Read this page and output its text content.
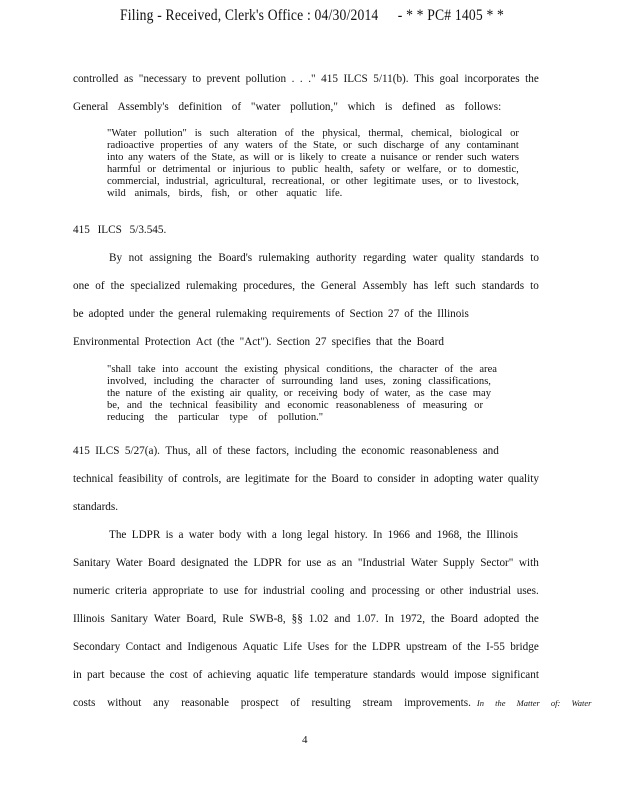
Filing - Received, Clerk's Office : 04/30/2014 - * * PC# 1405 * *
controlled as "necessary to prevent pollution . . ." 415 ILCS 5/11(b). This goal incorporates the
General Assembly's definition of "water pollution," which is defined as follows:
"Water pollution" is such alteration of the physical, thermal, chemical, biological or
radioactive properties of any waters of the State, or such discharge of any contaminant
into any waters of the State, as will or is likely to create a nuisance or render such waters
harmful or detrimental or injurious to public health, safety or welfare, or to domestic,
commercial, industrial, agricultural, recreational, or other legitimate uses, or to livestock,
wild animals, birds, fish, or other aquatic life.
415 ILCS 5/3.545.
By not assigning the Board's rulemaking authority regarding water quality standards to
one of the specialized rulemaking procedures, the General Assembly has left such standards to
be adopted under the general rulemaking requirements of Section 27 of the Illinois
Environmental Protection Act (the "Act"). Section 27 specifies that the Board
"shall take into account the existing physical conditions, the character of the area
involved, including the character of surrounding land uses, zoning classifications,
the nature of the existing air quality, or receiving body of water, as the case may
be, and the technical feasibility and economic reasonableness of measuring or
reducing the particular type of pollution."
415 ILCS 5/27(a). Thus, all of these factors, including the economic reasonableness and
technical feasibility of controls, are legitimate for the Board to consider in adopting water quality
standards.
The LDPR is a water body with a long legal history. In 1966 and 1968, the Illinois
Sanitary Water Board designated the LDPR for use as an "Industrial Water Supply Sector" with
numeric criteria appropriate to use for industrial cooling and processing or other industrial uses.
Illinois Sanitary Water Board, Rule SWB-8, §§ 1.02 and 1.07. In 1972, the Board adopted the
Secondary Contact and Indigenous Aquatic Life Uses for the LDPR upstream of the I-55 bridge
in part because the cost of achieving aquatic life temperature standards would impose significant
costs without any reasonable prospect of resulting stream improvements. In the Matter of: Water
4
